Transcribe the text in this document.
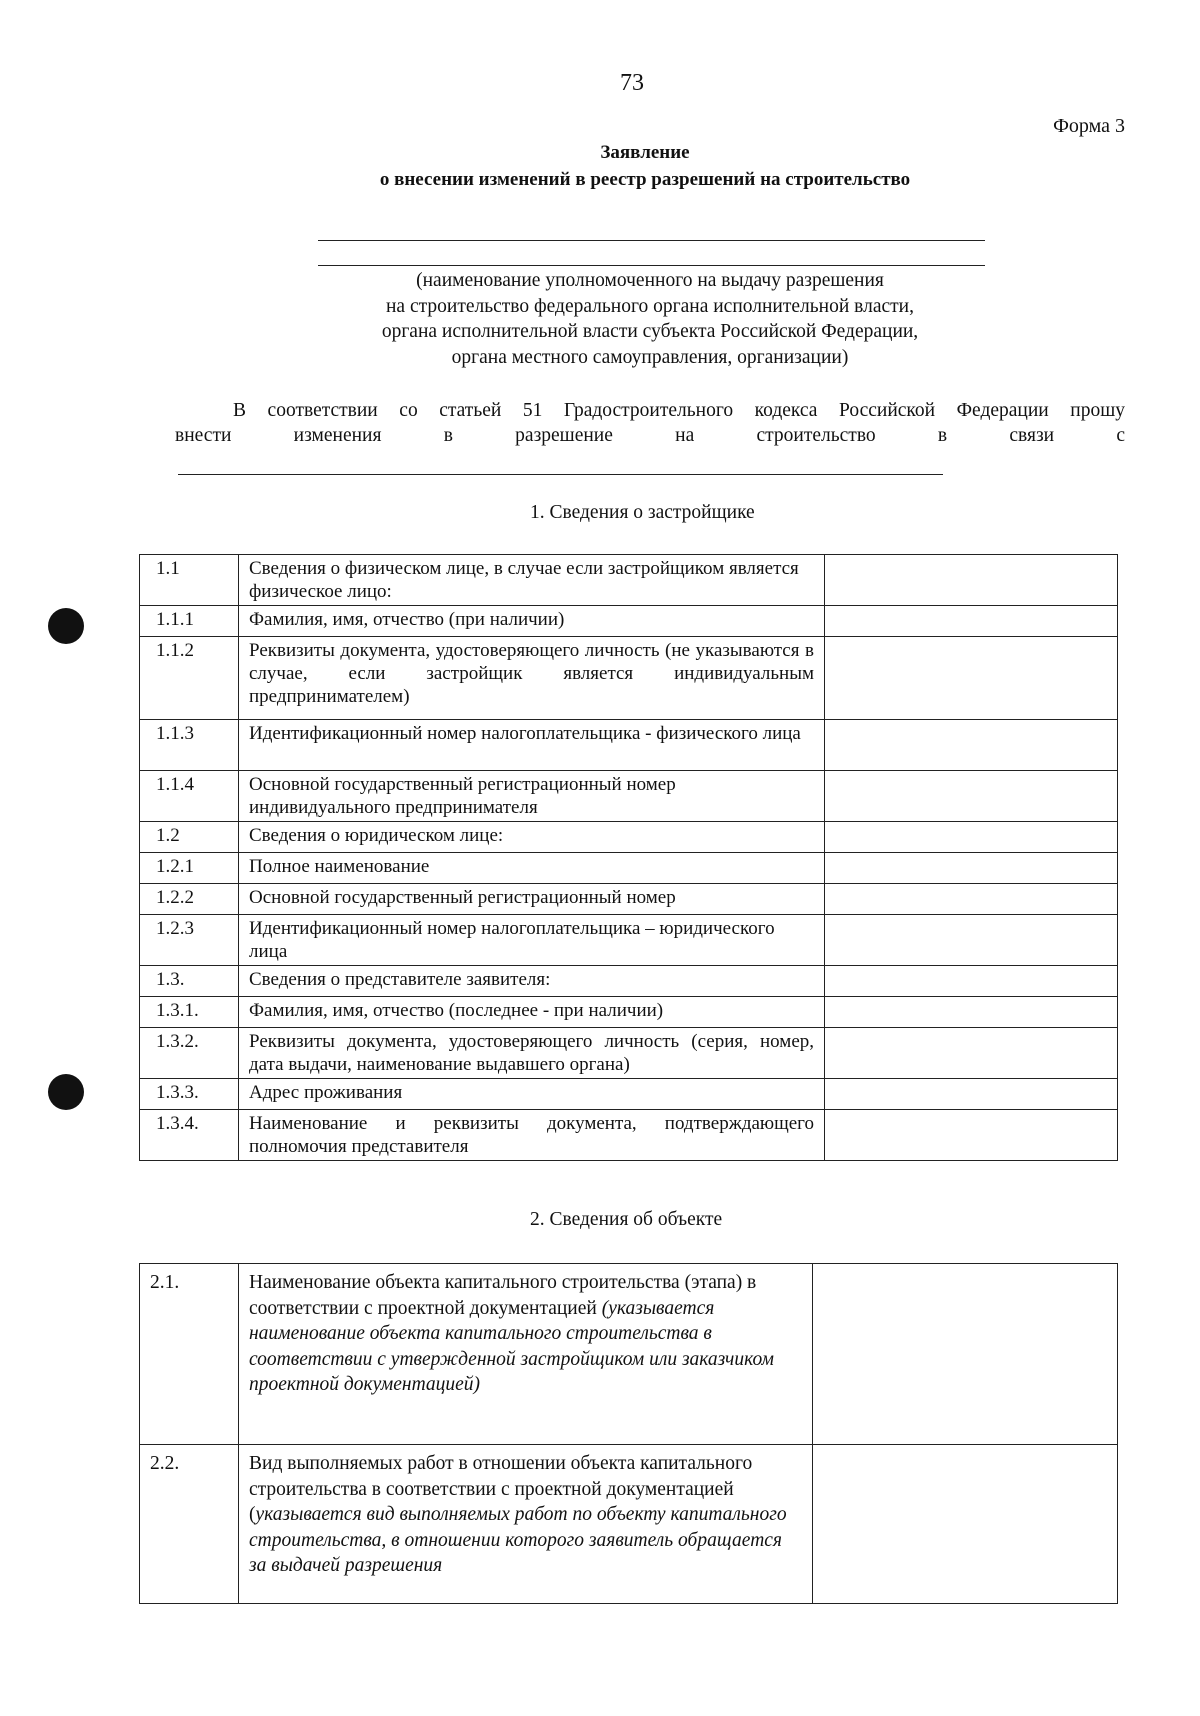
73
Форма 3
Заявление
о внесении изменений в реестр разрешений на строительство
(наименование уполномоченного на выдачу разрешения
на строительство федерального органа исполнительной власти,
органа исполнительной власти субъекта Российской Федерации,
органа местного самоуправления, организации)
В соответствии со статьей 51 Градостроительного кодекса Российской Федерации прошу
внести изменения в разрешение на строительство в связи с
1. Сведения о застройщике
1.1	Сведения о физическом лице, в случае если застройщиком является физическое лицо:	
1.1.1	Фамилия, имя, отчество (при наличии)	
1.1.2	Реквизиты документа, удостоверяющего личность (не указываются в случае, если застройщик является индивидуальным предпринимателем)	
1.1.3	Идентификационный номер налогоплательщика - физического лица	
1.1.4	Основной государственный регистрационный номер индивидуального предпринимателя	
1.2	Сведения о юридическом лице:	
1.2.1	Полное наименование	
1.2.2	Основной государственный регистрационный номер	
1.2.3	Идентификационный номер налогоплательщика – юридического лица	
1.3.	Сведения о представителе заявителя:	
1.3.1.	Фамилия, имя, отчество (последнее - при наличии)	
1.3.2.	Реквизиты документа, удостоверяющего личность (серия, номер, дата выдачи, наименование выдавшего органа)	
1.3.3.	Адрес проживания	
1.3.4.	Наименование и реквизиты документа, подтверждающего полномочия представителя	
2. Сведения об объекте
2.1.	Наименование объекта капитального строительства (этапа) в соответствии с проектной документацией (указывается наименование объекта капитального строительства в соответствии с утвержденной застройщиком или заказчиком проектной документацией)	
2.2.	Вид выполняемых работ в отношении объекта капитального строительства в соответствии с проектной документацией (указывается вид выполняемых работ по объекту капитального строительства, в отношении которого заявитель обращается за выдачей разрешения	
